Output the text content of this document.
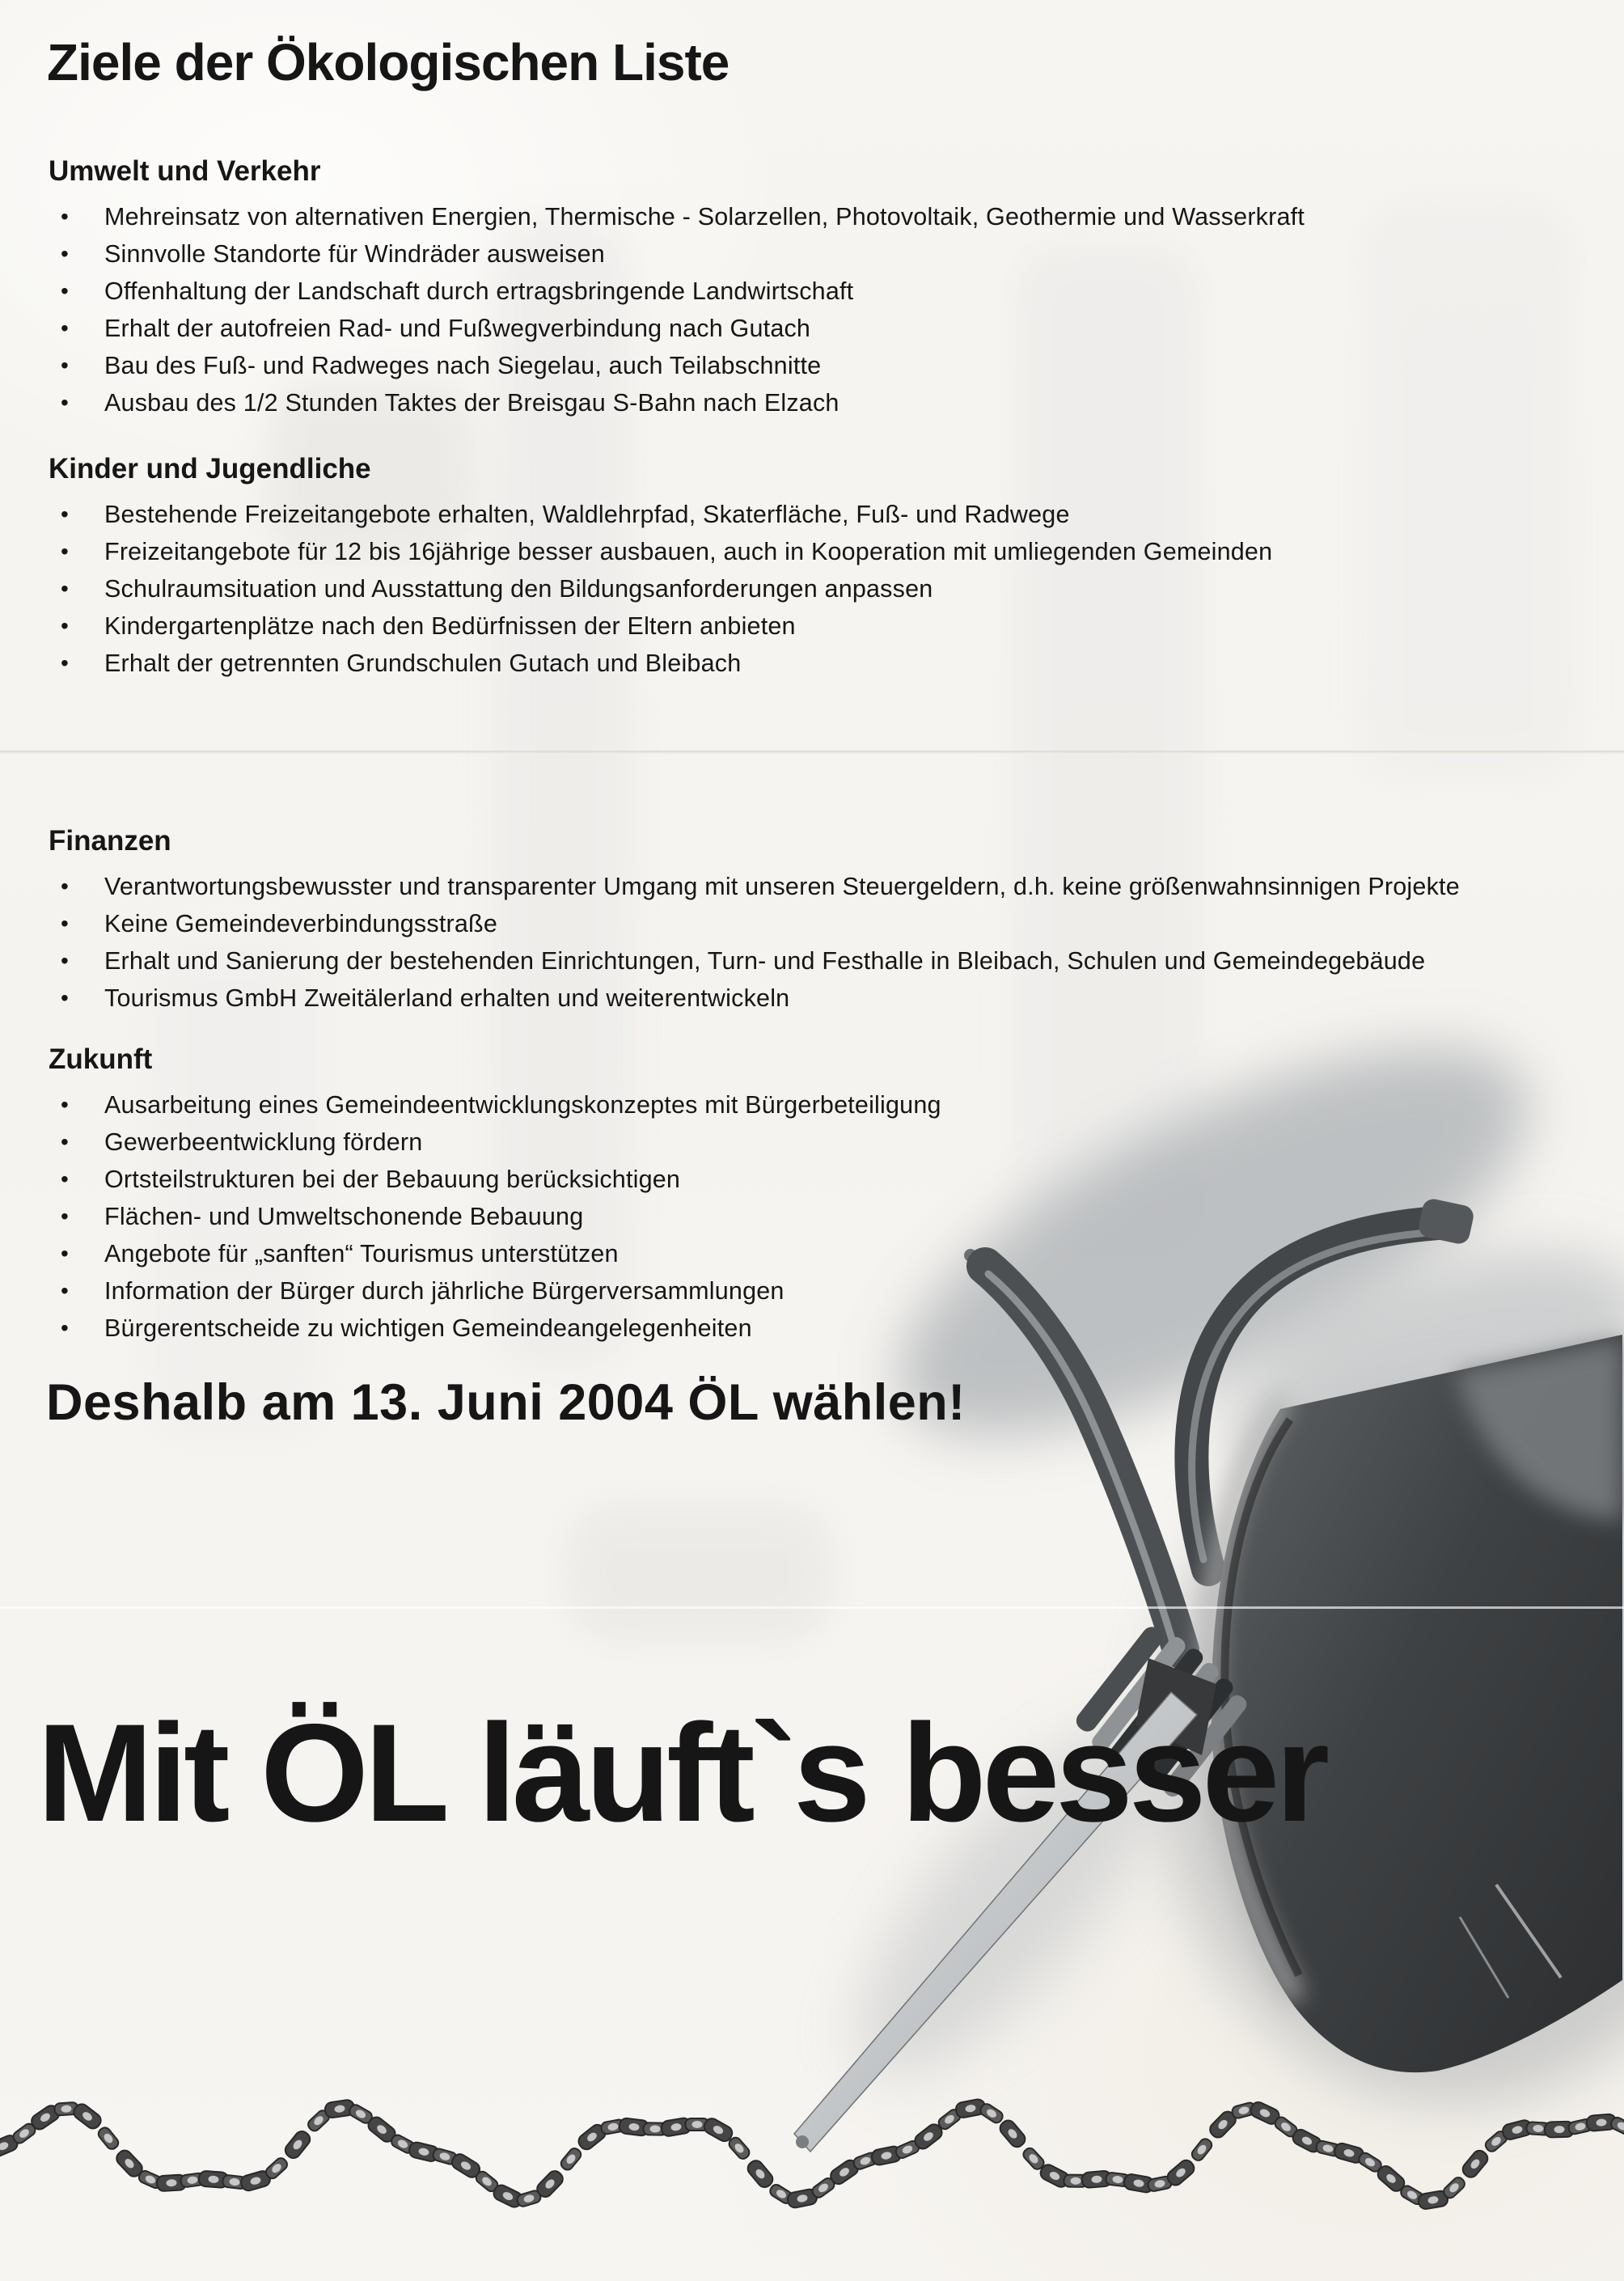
Ziele der Ökologischen Liste
Umwelt und Verkehr
•	Mehreinsatz von alternativen Energien, Thermische - Solarzellen, Photovoltaik, Geothermie und Wasserkraft
•	Sinnvolle Standorte für Windräder ausweisen
•	Offenhaltung der Landschaft durch ertragsbringende Landwirtschaft
•	Erhalt der autofreien Rad- und Fußwegverbindung nach Gutach
•	Bau des Fuß- und Radweges nach Siegelau, auch Teilabschnitte
•	Ausbau des 1/2 Stunden Taktes der Breisgau S-Bahn nach Elzach
Kinder und Jugendliche
•	Bestehende Freizeitangebote erhalten, Waldlehrpfad, Skaterfläche, Fuß- und Radwege
•	Freizeitangebote für 12 bis 16jährige besser ausbauen, auch in Kooperation mit umliegenden Gemeinden
•	Schulraumsituation und Ausstattung den Bildungsanforderungen anpassen
•	Kindergartenplätze nach den Bedürfnissen der Eltern anbieten
•	Erhalt der getrennten Grundschulen Gutach und Bleibach
Finanzen
•	Verantwortungsbewusster und transparenter Umgang mit unseren Steuergeldern, d.h. keine größenwahnsinnigen Projekte
•	Keine Gemeindeverbindungsstraße
•	Erhalt und Sanierung der bestehenden Einrichtungen, Turn- und Festhalle in Bleibach, Schulen und Gemeindegebäude
•	Tourismus GmbH Zweitälerland erhalten und weiterentwickeln
Zukunft
•	Ausarbeitung eines Gemeindeentwicklungskonzeptes mit Bürgerbeteiligung
•	Gewerbeentwicklung fördern
•	Ortsteilstrukturen bei der Bebauung berücksichtigen
•	Flächen- und Umweltschonende Bebauung
•	Angebote für „sanften“ Tourismus unterstützen
•	Information der Bürger durch jährliche Bürgerversammlungen
•	Bürgerentscheide zu wichtigen Gemeindeangelegenheiten
Deshalb am 13. Juni 2004 ÖL wählen!
Mit ÖL läuft`s besser
